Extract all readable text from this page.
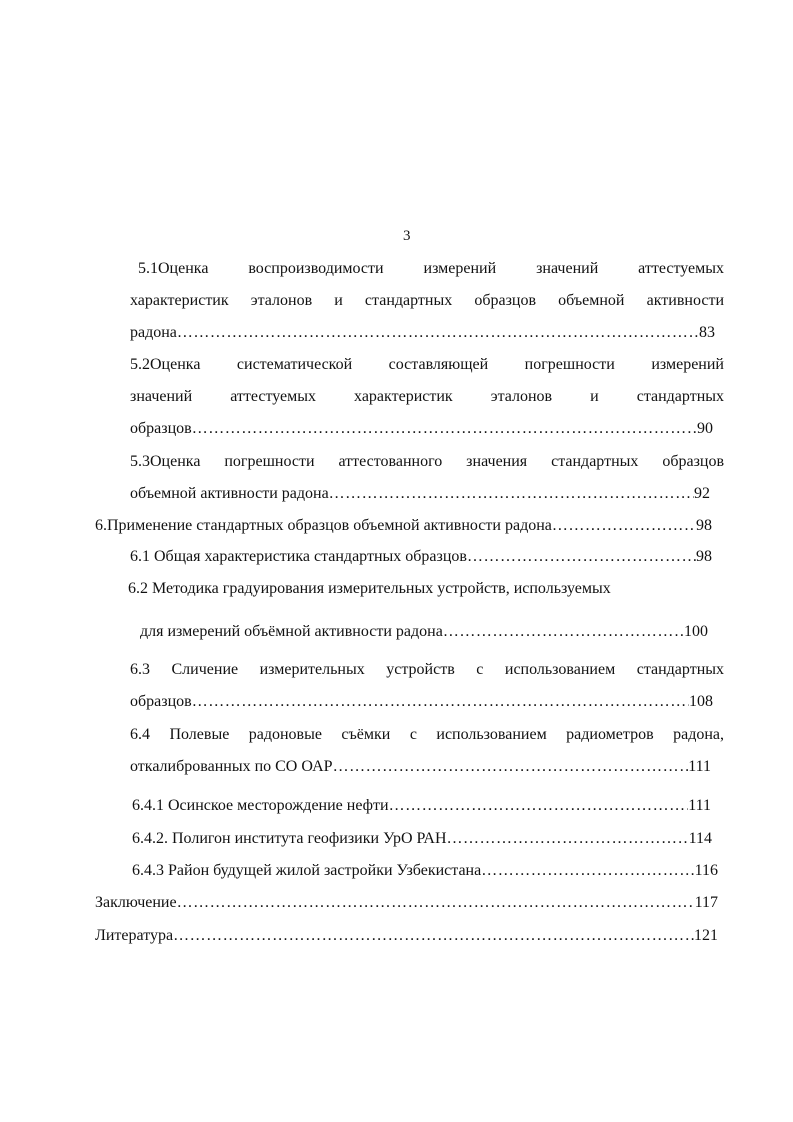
3
5.1Оценка воспроизводимости измерений значений аттестуемых
характеристик эталонов и стандартных образцов объемной активности
радона ……………………………………………………………………………………………………………………………………………………………………	83
5.2Оценка систематической составляющей погрешности измерений
значений аттестуемых характеристик эталонов и стандартных
образцов ……………………………………………………………………………………………………………………………………………………………………	90
5.3Оценка погрешности аттестованного значения стандартных образцов
объемной активности радона ……………………………………………………………………………………………………………………………………………………………………	92
6.Применение стандартных образцов объемной активности радона ……………………………………………………………………………………………………………………………………………………………………	98
6.1 Общая характеристика стандартных образцов ……………………………………………………………………………………………………………………………………………………………………	98
6.2 Методика градуирования измерительных устройств, используемых
для измерений объёмной активности радона ……………………………………………………………………………………………………………………………………………………………………	100
6.3 Сличение измерительных устройств с использованием стандартных
образцов ……………………………………………………………………………………………………………………………………………………………………	108
6.4 Полевые радоновые съёмки с использованием радиометров радона,
откалиброванных по СО ОАР ……………………………………………………………………………………………………………………………………………………………………	111
6.4.1 Осинское месторождение нефти ……………………………………………………………………………………………………………………………………………………………………	111
6.4.2. Полигон института геофизики УрО РАН ……………………………………………………………………………………………………………………………………………………………………	114
6.4.3 Район будущей жилой застройки Узбекистана ……………………………………………………………………………………………………………………………………………………………………	116
Заключение ……………………………………………………………………………………………………………………………………………………………………	117
Литература ……………………………………………………………………………………………………………………………………………………………………	121
